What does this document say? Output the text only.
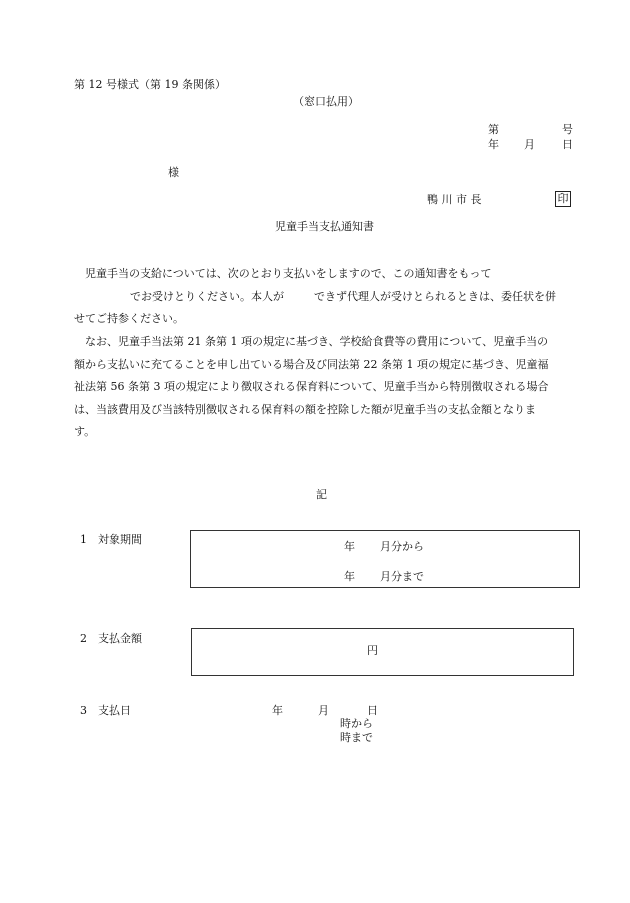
第 12 号様式（第 19 条関係）
（窓口払用）
第	号
年 月 日
様
鴨 川 市 長	印
児童手当支払通知書
児童手当の支給については、次のとおり支払いをしますので、この通知書をもって
でお受けとりください。本人が	できず代理人が受けとられるときは、委任状を併
せてご持参ください。
なお、児童手当法第 21 条第 1 項の規定に基づき、学校給食費等の費用について、児童手当の
額から支払いに充てることを申し出ている場合及び同法第 22 条第 1 項の規定に基づき、児童福
祉法第 56 条第 3 項の規定により徴収される保育料について、児童手当から特別徴収される場合
は、当該費用及び当該特別徴収される保育料の額を控除した額が児童手当の支払金額となりま
す。
記
1 対象期間
年 月分から
年 月分まで
2 支払金額
円
3 支払日	年	月	日
時から
時まで
